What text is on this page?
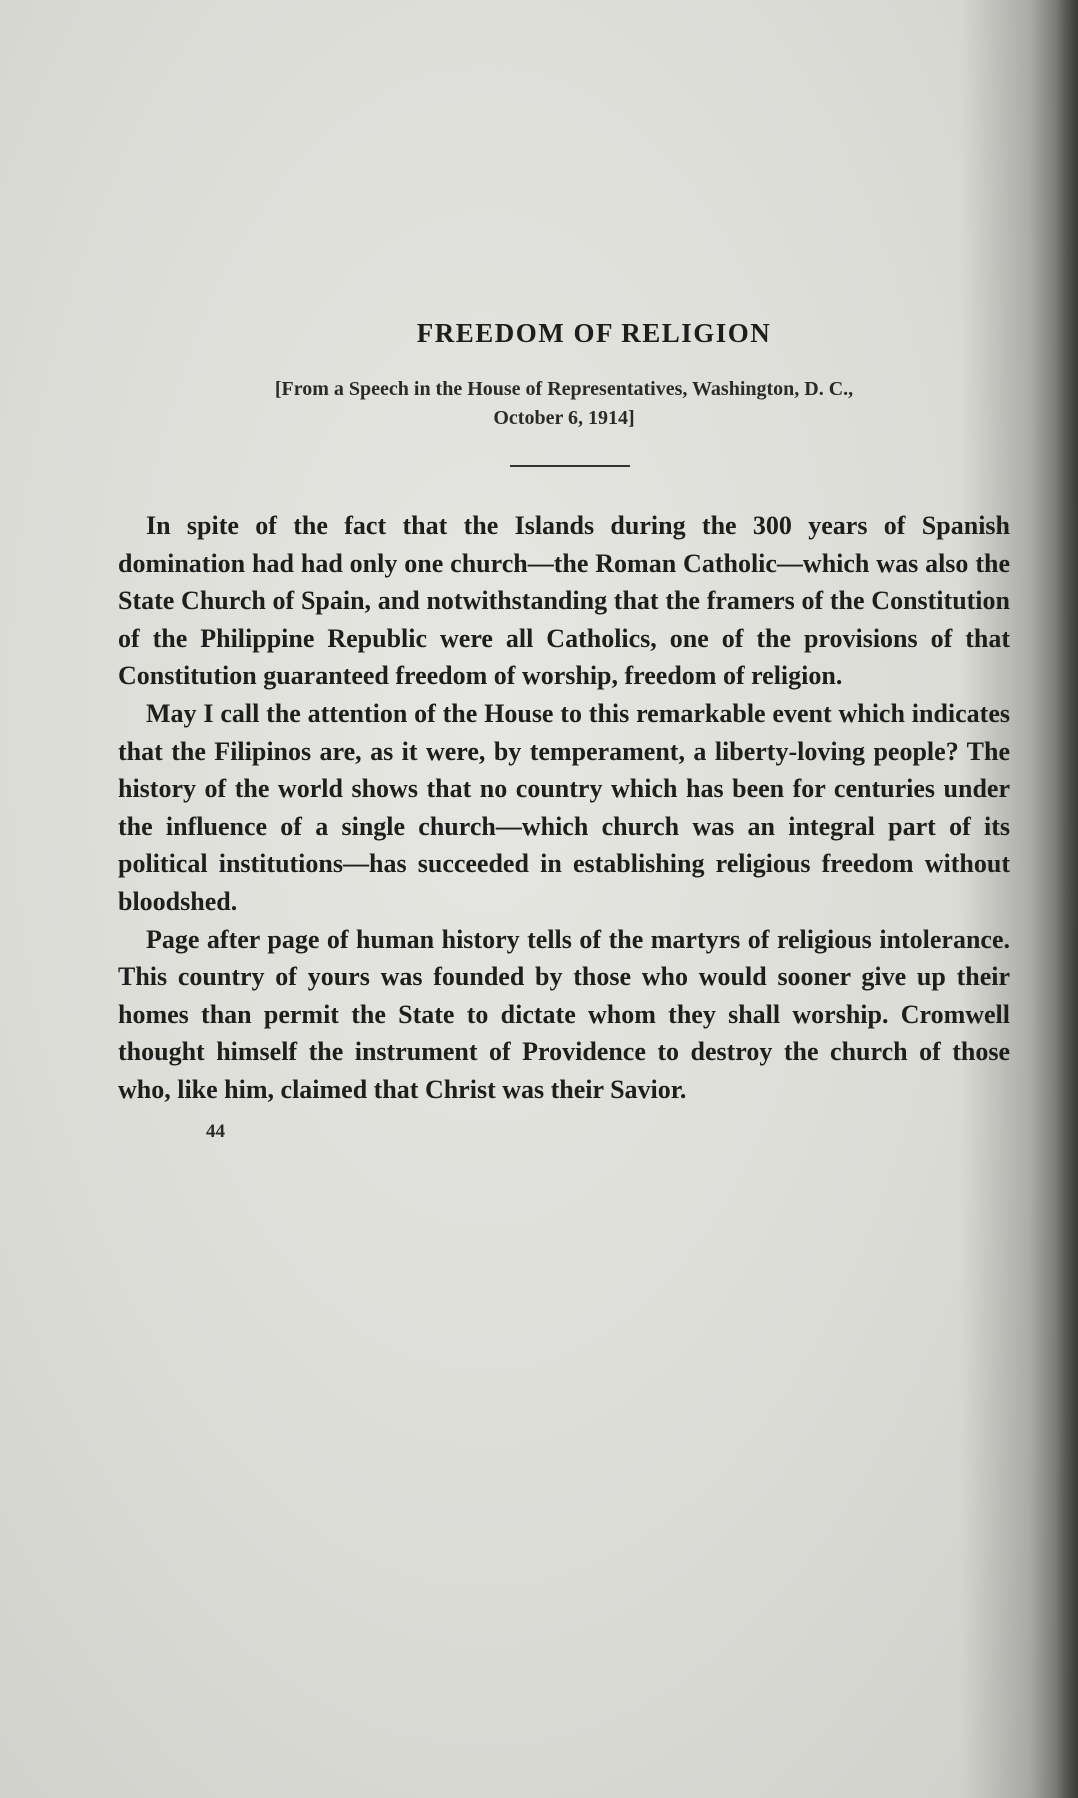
FREEDOM OF RELIGION

[From a Speech in the House of Representatives, Washington, D. C.,

October 6, 1914]

In spite of the fact that the Islands during the 300 years of Spanish domination had had only one church—the Roman Catholic—which was also the State Church of Spain, and notwithstanding that the framers of the Constitution of the Philippine Republic were all Catholics, one of the provisions of that Constitution guaranteed freedom of worship, freedom of religion.

May I call the attention of the House to this remarkable event which indicates that the Filipinos are, as it were, by temperament, a liberty-loving people? The history of the world shows that no country which has been for centuries under the influence of a single church—which church was an integral part of its political institutions—has succeeded in establishing religious freedom without bloodshed.

Page after page of human history tells of the martyrs of religious intolerance. This country of yours was founded by those who would sooner give up their homes than permit the State to dictate whom they shall worship. Cromwell thought himself the instrument of Providence to destroy the church of those who, like him, claimed that Christ was their Savior.

44
